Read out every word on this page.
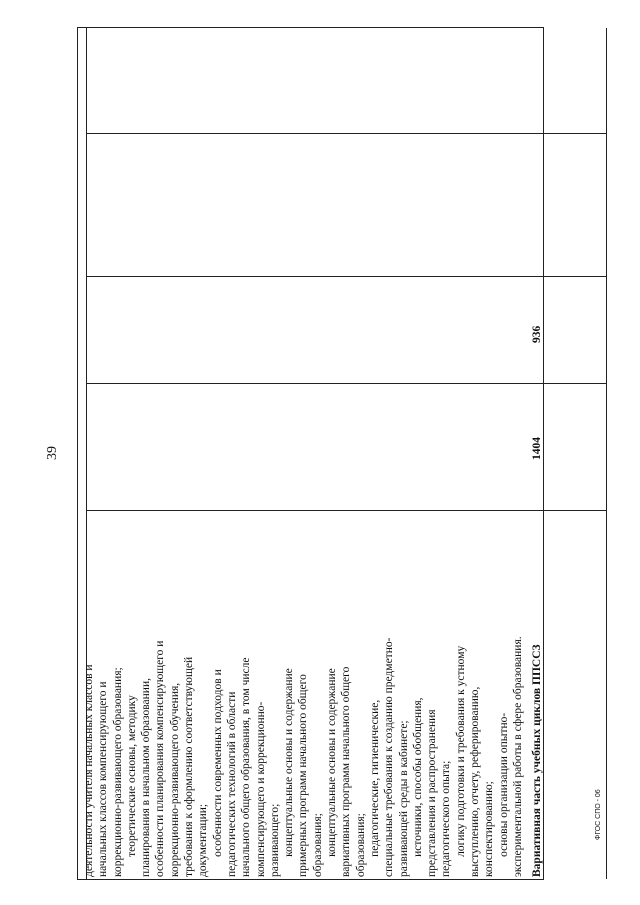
39
деятельности учителя начальных классов и начальных классов компенсирующего и коррекционно-развивающего образования; теоретические основы, методику планирования в начальном образовании, особенности планирования компенсирующего и коррекционно-развивающего обучения, требования к оформлению соответствующей документации; особенности современных подходов и педагогических технологий в области начального общего образования, в том числе компенсирующего и коррекционно- развивающего; концептуальные основы и содержание примерных программ начального общего образования; концептуальные основы и содержание вариативных программ начального общего образования; педагогические, гигиенические, специальные требования к созданию предметно- развивающей среды в кабинете; источники, способы обобщения, представления и распространения педагогического опыта; логику подготовки и требования к устному выступлению, отчету, реферированию, конспектированию; основы организации опытно- экспериментальной работы в сфере образования. Вариативная часть учебных циклов ППССЗ
1404
936
ФГОС СПО - 06
